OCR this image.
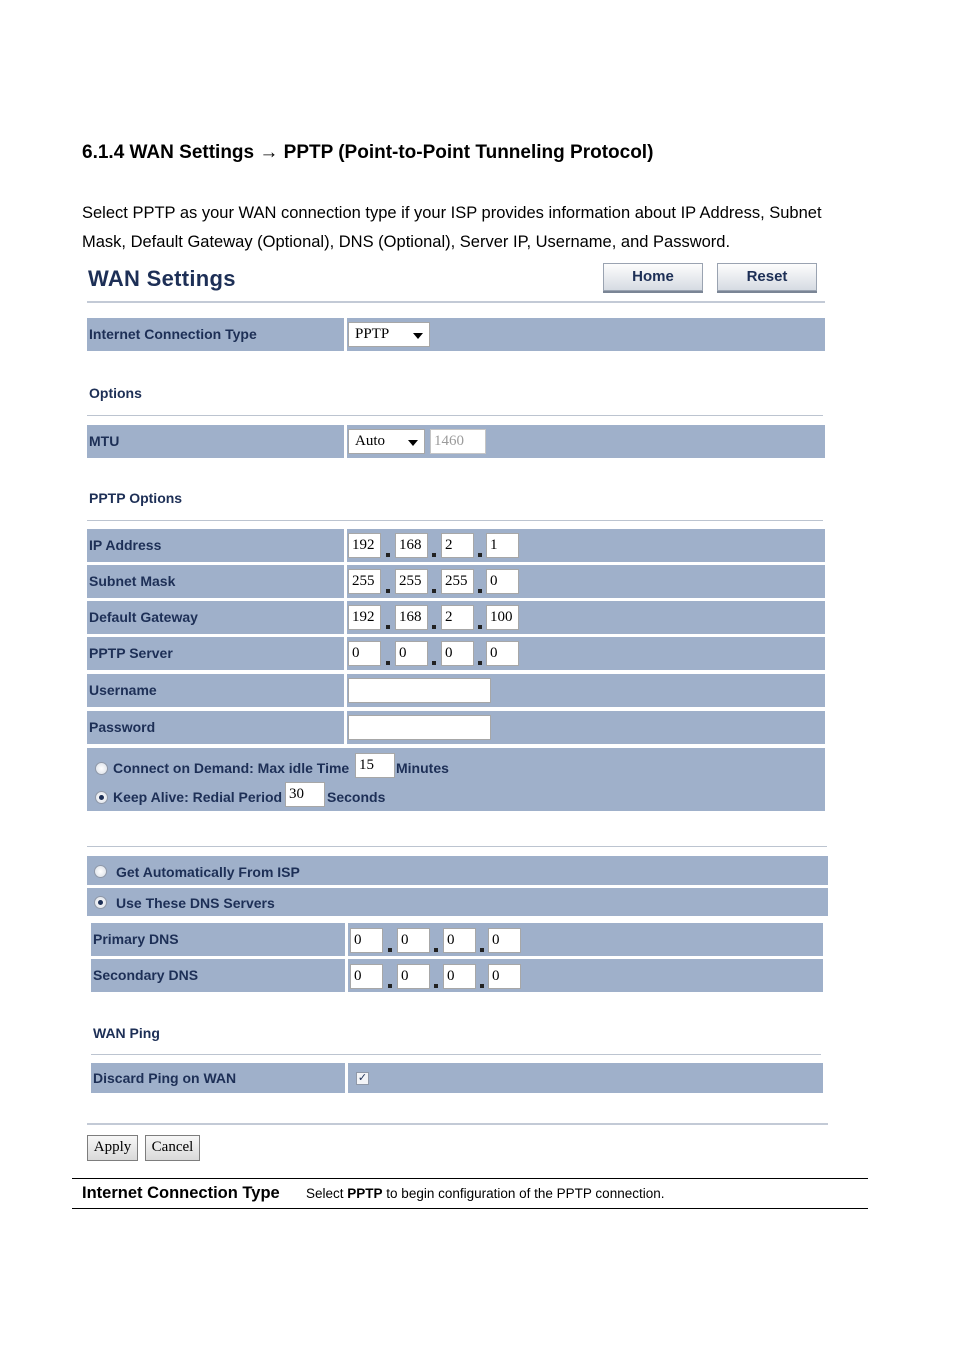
6.1.4 WAN Settings → PPTP (Point-to-Point Tunneling Protocol)
Select PPTP as your WAN connection type if your ISP provides information about IP Address, Subnet
Mask, Default Gateway (Optional), DNS (Optional), Server IP, Username, and Password.
WAN Settings	Home	Reset
Internet Connection Type	PPTP
Options
MTU	Auto	1460
PPTP Options
IP Address	192	168	2	1
Subnet Mask	255	255	255	0
Default Gateway	192	168	2	100
PPTP Server	0	0	0	0
Username
Password
Connect on Demand: Max idle Time 15	Minutes
Keep Alive: Redial Period 30	Seconds
Get Automatically From ISP
Use These DNS Servers
Primary DNS	0	0	0	0
Secondary DNS	0	0	0	0
WAN Ping
Discard Ping on WAN	✓
Apply	Cancel
Internet Connection Type Select PPTP to begin configuration of the PPTP connection.
